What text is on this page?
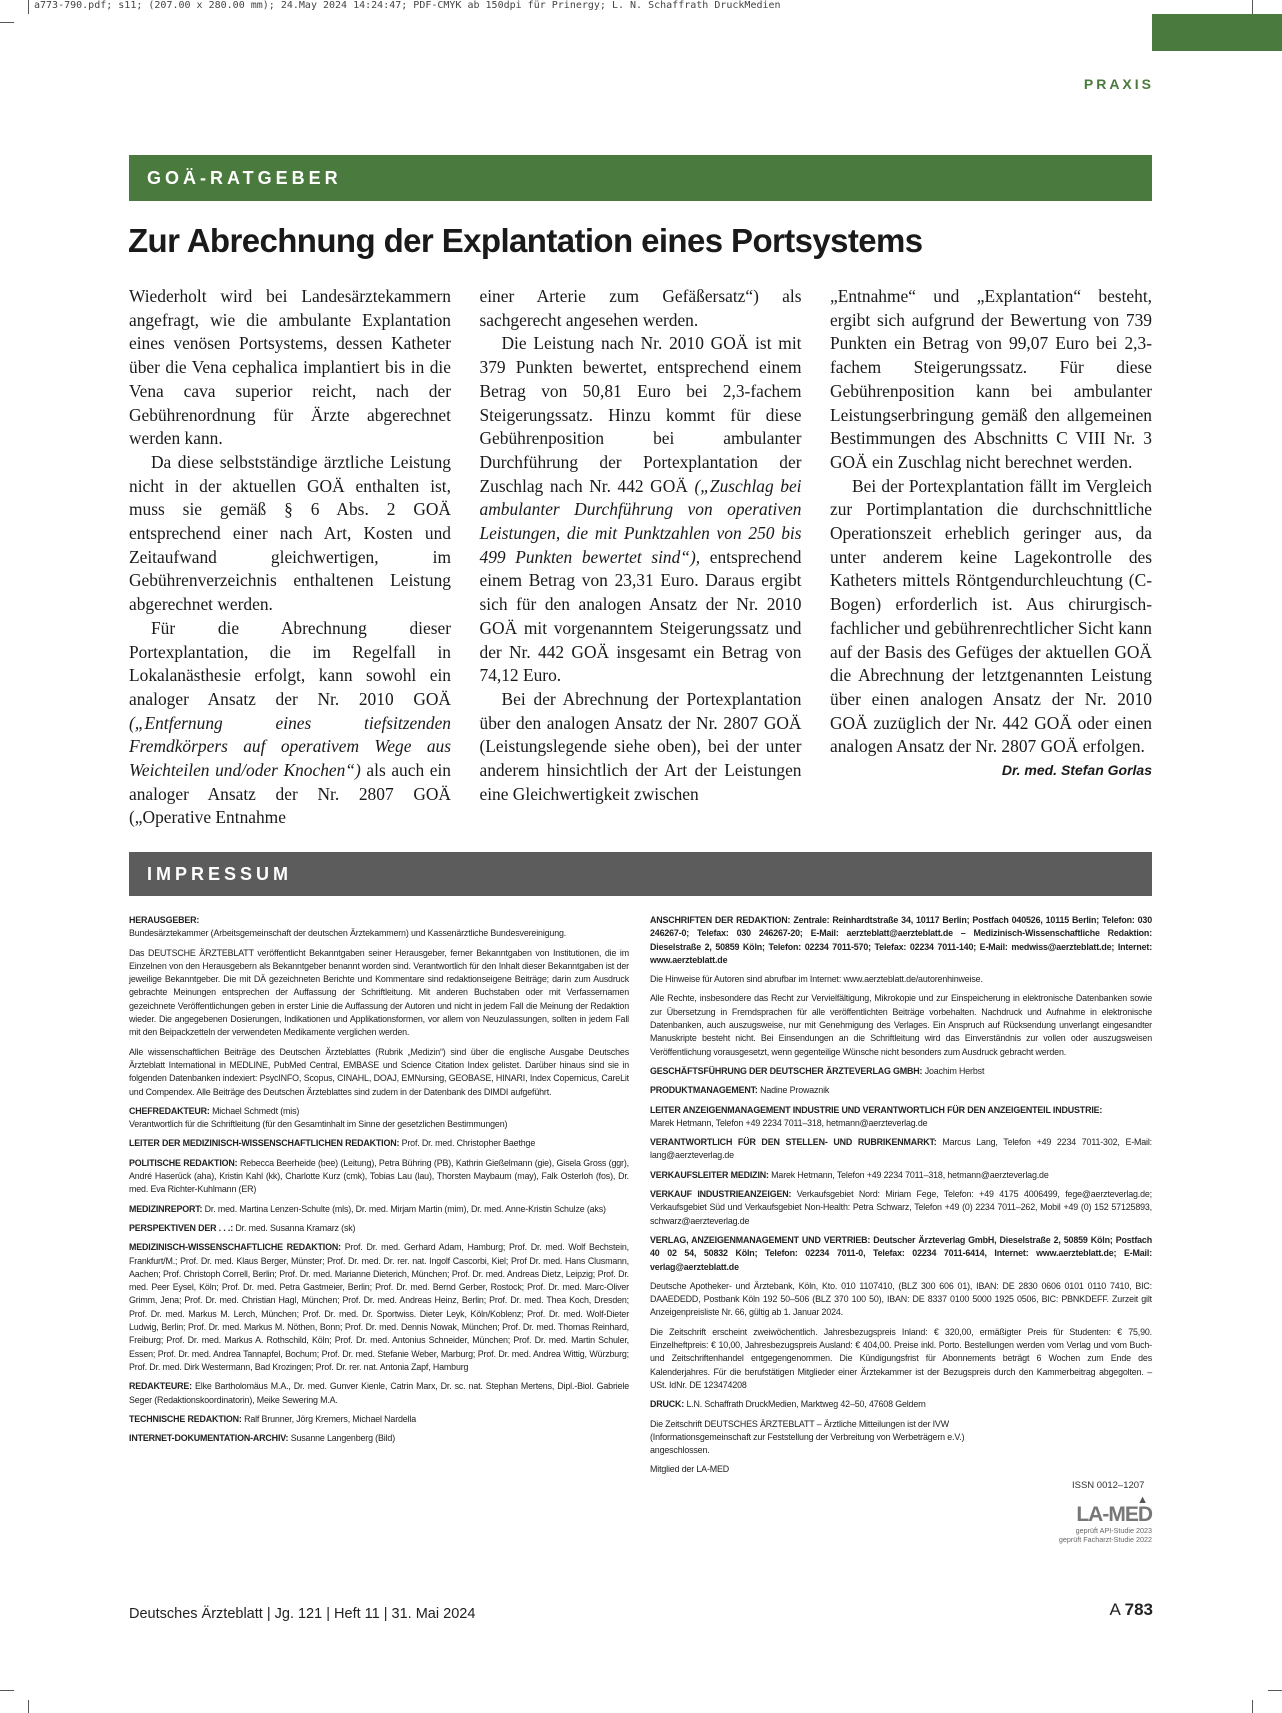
a773-790.pdf; s11; (207.00 x 280.00 mm); 24.May 2024 14:24:47; PDF-CMYK ab 150dpi für Prinergy; L. N. Schaffrath DruckMedien
PRAXIS
GOÄ-RATGEBER
Zur Abrechnung der Explantation eines Portsystems

Wiederholt wird bei Landesärztekammern angefragt, wie die ambulante Explantation eines venösen Portsystems, dessen Katheter über die Vena cephalica implantiert bis in die Vena cava superior reicht, nach der Gebührenordnung für Ärzte abgerechnet werden kann.

Da diese selbstständige ärztliche Leistung nicht in der aktuellen GOÄ enthalten ist, muss sie gemäß § 6 Abs. 2 GOÄ entsprechend einer nach Art, Kosten und Zeitaufwand gleichwertigen, im Gebührenverzeichnis enthaltenen Leistung abgerechnet werden.

Für die Abrechnung dieser Portexplantation, die im Regelfall in Lokalanästhesie erfolgt, kann sowohl ein analoger Ansatz der Nr. 2010 GOÄ („Entfernung eines tiefsitzenden Fremdkörpers auf operativem Wege aus Weichteilen und/oder Knochen“) als auch ein analoger Ansatz der Nr. 2807 GOÄ („Operative Entnahme

einer Arterie zum Gefäßersatz“) als sachgerecht angesehen werden.

Die Leistung nach Nr. 2010 GOÄ ist mit 379 Punkten bewertet, entsprechend einem Betrag von 50,81 Euro bei 2,3-fachem Steigerungssatz. Hinzu kommt für diese Gebührenposition bei ambulanter Durchführung der Portexplantation der Zuschlag nach Nr. 442 GOÄ („Zuschlag bei ambulanter Durchführung von operativen Leistungen, die mit Punktzahlen von 250 bis 499 Punkten bewertet sind“), entsprechend einem Betrag von 23,31 Euro. Daraus ergibt sich für den analogen Ansatz der Nr. 2010 GOÄ mit vorgenanntem Steigerungssatz und der Nr. 442 GOÄ insgesamt ein Betrag von 74,12 Euro.

Bei der Abrechnung der Portexplantation über den analogen Ansatz der Nr. 2807 GOÄ (Leistungslegende siehe oben), bei der unter anderem hinsichtlich der Art der Leistungen eine Gleichwertigkeit zwischen

„Entnahme“ und „Explantation“ besteht, ergibt sich aufgrund der Bewertung von 739 Punkten ein Betrag von 99,07 Euro bei 2,3-fachem Steigerungssatz. Für diese Gebührenposition kann bei ambulanter Leistungserbringung gemäß den allgemeinen Bestimmungen des Abschnitts C VIII Nr. 3 GOÄ ein Zuschlag nicht berechnet werden.

Bei der Portexplantation fällt im Vergleich zur Portimplantation die durchschnittliche Operationszeit erheblich geringer aus, da unter anderem keine Lagekontrolle des Katheters mittels Röntgendurchleuchtung (C-Bogen) erforderlich ist. Aus chirurgisch-fachlicher und gebührenrechtlicher Sicht kann auf der Basis des Gefüges der aktuellen GOÄ die Abrechnung der letztgenannten Leistung über einen analogen Ansatz der Nr. 2010 GOÄ zuzüglich der Nr. 442 GOÄ oder einen analogen Ansatz der Nr. 2807 GOÄ erfolgen.
Dr. med. Stefan Gorlas

IMPRESSUM

HERAUSGEBER:
Bundesärztekammer (Arbeitsgemeinschaft der deutschen Ärztekammern) und Kassenärztliche Bundesvereinigung.

Das DEUTSCHE ÄRZTEBLATT veröffentlicht Bekanntgaben seiner Herausgeber, ferner Bekanntgaben von Institutionen, die im Einzelnen von den Herausgebern als Bekanntgeber benannt worden sind. Verantwortlich für den Inhalt dieser Bekanntgaben ist der jeweilige Bekanntgeber. Die mit DÄ gezeichneten Berichte und Kommentare sind redaktionseigene Beiträge; darin zum Ausdruck gebrachte Meinungen entsprechen der Auffassung der Schriftleitung. Mit anderen Buchstaben oder mit Verfassernamen gezeichnete Veröffentlichungen geben in erster Linie die Auffassung der Autoren und nicht in jedem Fall die Meinung der Redaktion wieder. Die angegebenen Dosierungen, Indikationen und Applikationsformen, vor allem von Neuzulassungen, sollten in jedem Fall mit den Beipackzetteln der verwendeten Medikamente verglichen werden.

Alle wissenschaftlichen Beiträge des Deutschen Ärzteblattes (Rubrik „Medizin“) sind über die englische Ausgabe Deutsches Ärzteblatt International in MEDLINE, PubMed Central, EMBASE und Science Citation Index gelistet. Darüber hinaus sind sie in folgenden Datenbanken indexiert: PsycINFO, Scopus, CINAHL, DOAJ, EMNursing, GEOBASE, HINARI, Index Copernicus, CareLit und Compendex. Alle Beiträge des Deutschen Ärzteblattes sind zudem in der Datenbank des DIMDI aufgeführt.

CHEFREDAKTEUR: Michael Schmedt (mis)
Verantwortlich für die Schriftleitung (für den Gesamtinhalt im Sinne der gesetzlichen Bestimmungen)

LEITER DER MEDIZINISCH-WISSENSCHAFTLICHEN REDAKTION: Prof. Dr. med. Christopher Baethge

POLITISCHE REDAKTION: Rebecca Beerheide (bee) (Leitung), Petra Bühring (PB), Kathrin Gießelmann (gie), Gisela Gross (ggr), André Haserück (aha), Kristin Kahl (kk), Charlotte Kurz (cmk), Tobias Lau (lau), Thorsten Maybaum (may), Falk Osterloh (fos), Dr. med. Eva Richter-Kuhlmann (ER)

MEDIZINREPORT: Dr. med. Martina Lenzen-Schulte (mls), Dr. med. Mirjam Martin (mim), Dr. med. Anne-Kristin Schulze (aks)

PERSPEKTIVEN DER . . .: Dr. med. Susanna Kramarz (sk)

MEDIZINISCH-WISSENSCHAFTLICHE REDAKTION: Prof. Dr. med. Gerhard Adam, Hamburg; Prof. Dr. med. Wolf Bechstein, Frankfurt/M.; Prof. Dr. med. Klaus Berger, Münster; Prof. Dr. med. Dr. rer. nat. Ingolf Cascorbi, Kiel; Prof Dr. med. Hans Clusmann, Aachen; Prof. Christoph Correll, Berlin; Prof. Dr. med. Marianne Dieterich, München; Prof. Dr. med. Andreas Dietz, Leipzig; Prof. Dr. med. Peer Eysel, Köln; Prof. Dr. med. Petra Gastmeier, Berlin; Prof. Dr. med. Bernd Gerber, Rostock; Prof. Dr. med. Marc-Oliver Grimm, Jena; Prof. Dr. med. Christian Hagl, München; Prof. Dr. med. Andreas Heinz, Berlin; Prof. Dr. med. Thea Koch, Dresden; Prof. Dr. med. Markus M. Lerch, München; Prof. Dr. med. Dr. Sportwiss. Dieter Leyk, Köln/Koblenz; Prof. Dr. med. Wolf-Dieter Ludwig, Berlin; Prof. Dr. med. Markus M. Nöthen, Bonn; Prof. Dr. med. Dennis Nowak, München; Prof. Dr. med. Thomas Reinhard, Freiburg; Prof. Dr. med. Markus A. Rothschild, Köln; Prof. Dr. med. Antonius Schneider, München; Prof. Dr. med. Martin Schuler, Essen; Prof. Dr. med. Andrea Tannapfel, Bochum; Prof. Dr. med. Stefanie Weber, Marburg; Prof. Dr. med. Andrea Wittig, Würzburg; Prof. Dr. med. Dirk Westermann, Bad Krozingen; Prof. Dr. rer. nat. Antonia Zapf, Hamburg

REDAKTEURE: Elke Bartholomäus M.A., Dr. med. Gunver Kienle, Catrin Marx, Dr. sc. nat. Stephan Mertens, Dipl.-Biol. Gabriele Seger (Redaktionskoordinatorin), Meike Sewering M.A.

TECHNISCHE REDAKTION: Ralf Brunner, Jörg Kremers, Michael Nardella

INTERNET-DOKUMENTATION-ARCHIV: Susanne Langenberg (Bild)

ANSCHRIFTEN DER REDAKTION: Zentrale: Reinhardtstraße 34, 10117 Berlin; Postfach 040526, 10115 Berlin; Telefon: 030 246267-0; Telefax: 030 246267-20; E-Mail: aerzteblatt@aerzteblatt.de – Medizinisch-Wissenschaftliche Redaktion: Dieselstraße 2, 50859 Köln; Telefon: 02234 7011-570; Telefax: 02234 7011-140; E-Mail: medwiss@aerzteblatt.de; Internet: www.aerzteblatt.de

Die Hinweise für Autoren sind abrufbar im Internet: www.aerzteblatt.de/autorenhinweise.

Alle Rechte, insbesondere das Recht zur Vervielfältigung, Mikrokopie und zur Einspeicherung in elektronische Datenbanken sowie zur Übersetzung in Fremdsprachen für alle veröffentlichten Beiträge vorbehalten. Nachdruck und Aufnahme in elektronische Datenbanken, auch auszugsweise, nur mit Genehmigung des Verlages. Ein Anspruch auf Rücksendung unverlangt eingesandter Manuskripte besteht nicht. Bei Einsendungen an die Schriftleitung wird das Einverständnis zur vollen oder auszugsweisen Veröffentlichung vorausgesetzt, wenn gegenteilige Wünsche nicht besonders zum Ausdruck gebracht werden.

GESCHÄFTSFÜHRUNG DER DEUTSCHER ÄRZTEVERLAG GMBH: Joachim Herbst

PRODUKTMANAGEMENT: Nadine Prowaznik

LEITER ANZEIGENMANAGEMENT INDUSTRIE UND VERANTWORTLICH FÜR DEN ANZEIGENTEIL INDUSTRIE:
Marek Hetmann, Telefon +49 2234 7011–318, hetmann@aerzteverlag.de

VERANTWORTLICH FÜR DEN STELLEN- UND RUBRIKENMARKT: Marcus Lang, Telefon +49 2234 7011-302, E-Mail: lang@aerzteverlag.de

VERKAUFSLEITER MEDIZIN: Marek Hetmann, Telefon +49 2234 7011–318, hetmann@aerzteverlag.de

VERKAUF INDUSTRIEANZEIGEN: Verkaufsgebiet Nord: Miriam Fege, Telefon: +49 4175 4006499, fege@aerzteverlag.de; Verkaufsgebiet Süd und Verkaufsgebiet Non-Health: Petra Schwarz, Telefon +49 (0) 2234 7011–262, Mobil +49 (0) 152 57125893, schwarz@aerzteverlag.de

VERLAG, ANZEIGENMANAGEMENT UND VERTRIEB: Deutscher Ärzteverlag GmbH, Dieselstraße 2, 50859 Köln; Postfach 40 02 54, 50832 Köln; Telefon: 02234 7011-0, Telefax: 02234 7011-6414, Internet: www.aerzteblatt.de; E-Mail: verlag@aerzteblatt.de

Deutsche Apotheker- und Ärztebank, Köln, Kto. 010 1107410, (BLZ 300 606 01), IBAN: DE 2830 0606 0101 0110 7410, BIC: DAAEDEDD, Postbank Köln 192 50–506 (BLZ 370 100 50), IBAN: DE 8337 0100 5000 1925 0506, BIC: PBNKDEFF. Zurzeit gilt Anzeigenpreisliste Nr. 66, gültig ab 1. Januar 2024.

Die Zeitschrift erscheint zweiwöchentlich. Jahresbezugspreis Inland: € 320,00, ermäßigter Preis für Studenten: € 75,90. Einzelheftpreis: € 10,00, Jahresbezugspreis Ausland: € 404,00. Preise inkl. Porto. Bestellungen werden vom Verlag und vom Buch- und Zeitschriftenhandel entgegengenommen. Die Kündigungsfrist für Abonnements beträgt 6 Wochen zum Ende des Kalenderjahres. Für die berufstätigen Mitglieder einer Ärztekammer ist der Bezugspreis durch den Kammerbeitrag abgegolten. – USt. IdNr. DE 123474208

DRUCK: L.N. Schaffrath DruckMedien, Marktweg 42–50, 47608 Geldern

Die Zeitschrift DEUTSCHES ÄRZTEBLATT – Ärztliche Mitteilungen ist der IVW (Informationsgemeinschaft zur Feststellung der Verbreitung von Werbeträgern e.V.) angeschlossen.

Mitglied der LA-MED

ISSN 0012–1207
▲
LA-MED
geprüft API-Studie 2023
geprüft Facharzt-Studie 2022
Deutsches Ärzteblatt | Jg. 121 | Heft 11 | 31. Mai 2024	A 783
